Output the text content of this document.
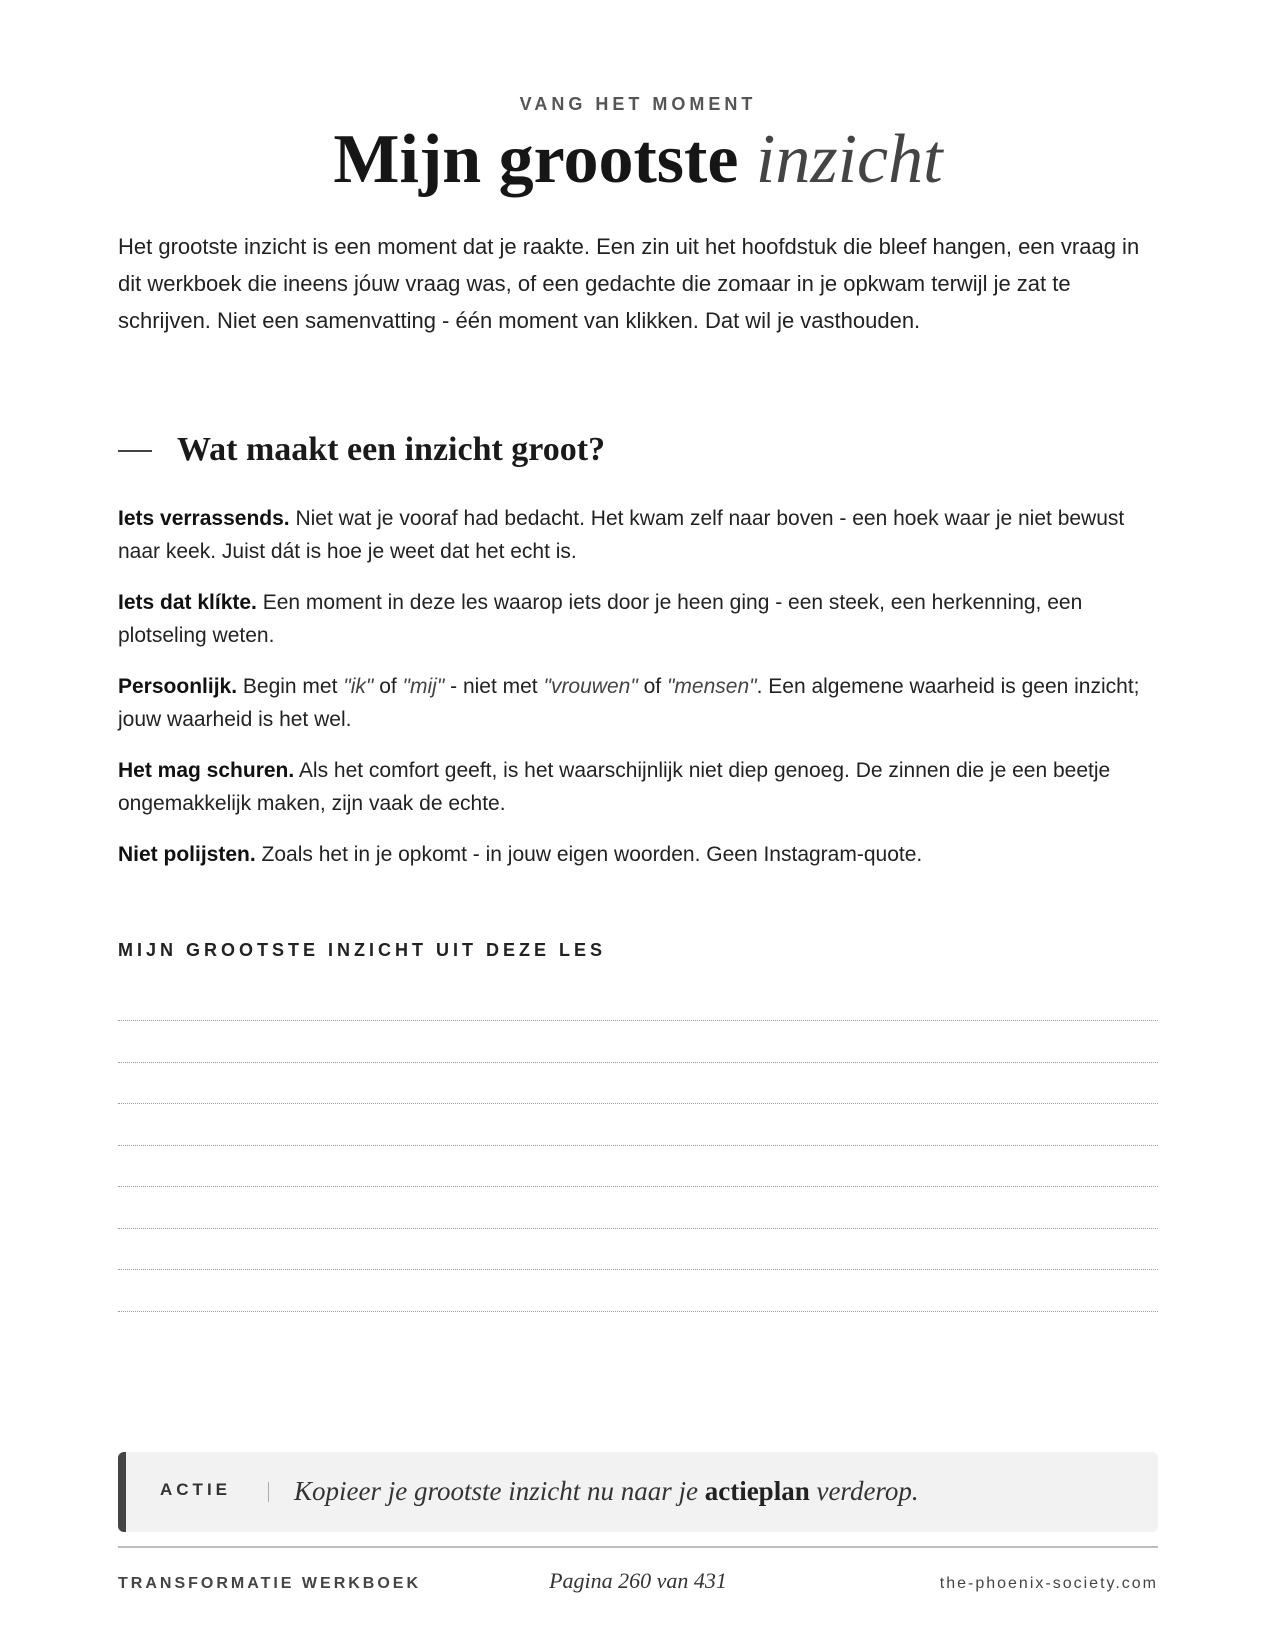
VANG HET MOMENT
Mijn grootste inzicht

Het grootste inzicht is een moment dat je raakte. Een zin uit het hoofdstuk die bleef hangen, een vraag in dit werkboek die ineens jóuw vraag was, of een gedachte die zomaar in je opkwam terwijl je zat te schrijven. Niet een samenvatting - één moment van klikken. Dat wil je vasthouden.

Wat maakt een inzicht groot?

Iets verrassends. Niet wat je vooraf had bedacht. Het kwam zelf naar boven - een hoek waar je niet bewust naar keek. Juist dát is hoe je weet dat het echt is.

Iets dat klíkte. Een moment in deze les waarop iets door je heen ging - een steek, een herkenning, een plotseling weten.

Persoonlijk. Begin met "ik" of "mij" - niet met "vrouwen" of "mensen". Een algemene waarheid is geen inzicht; jouw waarheid is het wel.

Het mag schuren. Als het comfort geeft, is het waarschijnlijk niet diep genoeg. De zinnen die je een beetje ongemakkelijk maken, zijn vaak de echte.

Niet polijsten. Zoals het in je opkomt - in jouw eigen woorden. Geen Instagram-quote.

MIJN GROOTSTE INZICHT UIT DEZE LES
ACTIE Kopieer je grootste inzicht nu naar je actieplan verderop.
TRANSFORMATIE WERKBOEK	Pagina 260 van 431	the-phoenix-society.com
